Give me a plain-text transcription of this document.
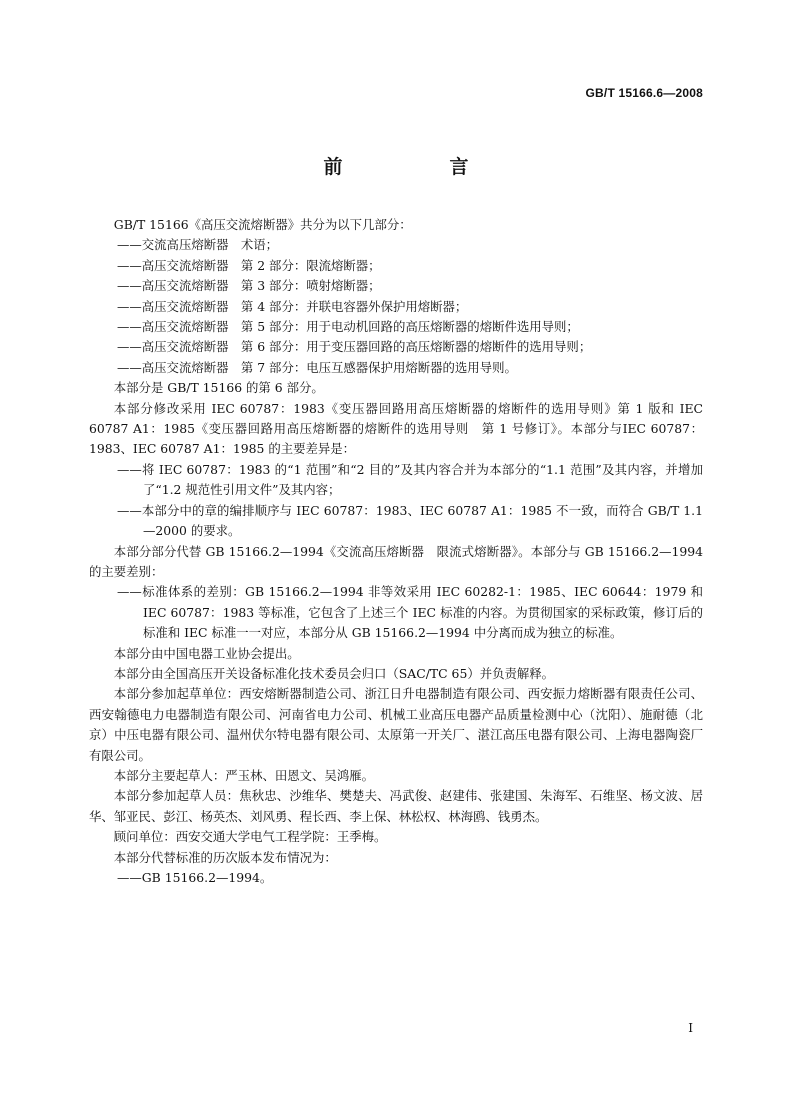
GB/T 15166.6—2008
前　言

GB/T 15166《高压交流熔断器》共分为以下几部分：

——交流高压熔断器　术语；

——高压交流熔断器　第 2 部分：限流熔断器；

——高压交流熔断器　第 3 部分：喷射熔断器；

——高压交流熔断器　第 4 部分：并联电容器外保护用熔断器；

——高压交流熔断器　第 5 部分：用于电动机回路的高压熔断器的熔断件选用导则；

——高压交流熔断器　第 6 部分：用于变压器回路的高压熔断器的熔断件的选用导则；

——高压交流熔断器　第 7 部分：电压互感器保护用熔断器的选用导则。

本部分是 GB/T 15166 的第 6 部分。

本部分修改采用 IEC 60787：1983《变压器回路用高压熔断器的熔断件的选用导则》第 1 版和 IEC 60787 A1：1985《变压器回路用高压熔断器的熔断件的选用导则　第 1 号修订》。本部分与IEC 60787：1983、IEC 60787 A1：1985 的主要差异是：

——将 IEC 60787：1983 的“1 范围”和“2 目的”及其内容合并为本部分的“1.1 范围”及其内容，并增加了“1.2 规范性引用文件”及其内容；

——本部分中的章的编排顺序与 IEC 60787：1983、IEC 60787 A1：1985 不一致，而符合 GB/T 1.1—2000 的要求。

本部分部分代替 GB 15166.2—1994《交流高压熔断器　限流式熔断器》。本部分与 GB 15166.2—1994 的主要差别：

——标准体系的差别：GB 15166.2—1994 非等效采用 IEC 60282-1：1985、IEC 60644：1979 和 IEC 60787：1983 等标准，它包含了上述三个 IEC 标准的内容。为贯彻国家的采标政策，修订后的标准和 IEC 标准一一对应，本部分从 GB 15166.2—1994 中分离而成为独立的标准。

本部分由中国电器工业协会提出。

本部分由全国高压开关设备标准化技术委员会归口（SAC/TC 65）并负责解释。

本部分参加起草单位：西安熔断器制造公司、浙江日升电器制造有限公司、西安振力熔断器有限责任公司、西安翰德电力电器制造有限公司、河南省电力公司、机械工业高压电器产品质量检测中心（沈阳）、施耐德（北京）中压电器有限公司、温州伏尔特电器有限公司、太原第一开关厂、湛江高压电器有限公司、上海电器陶瓷厂有限公司。

本部分主要起草人：严玉林、田恩文、吴鸿雁。

本部分参加起草人员：焦秋忠、沙维华、樊楚夫、冯武俊、赵建伟、张建国、朱海军、石维坚、杨文波、居华、邹亚民、彭江、杨英杰、刘风勇、程长西、李上保、林松权、林海鸥、钱勇杰。

顾问单位：西安交通大学电气工程学院：王季梅。

本部分代替标准的历次版本发布情况为：

——GB 15166.2—1994。

I
